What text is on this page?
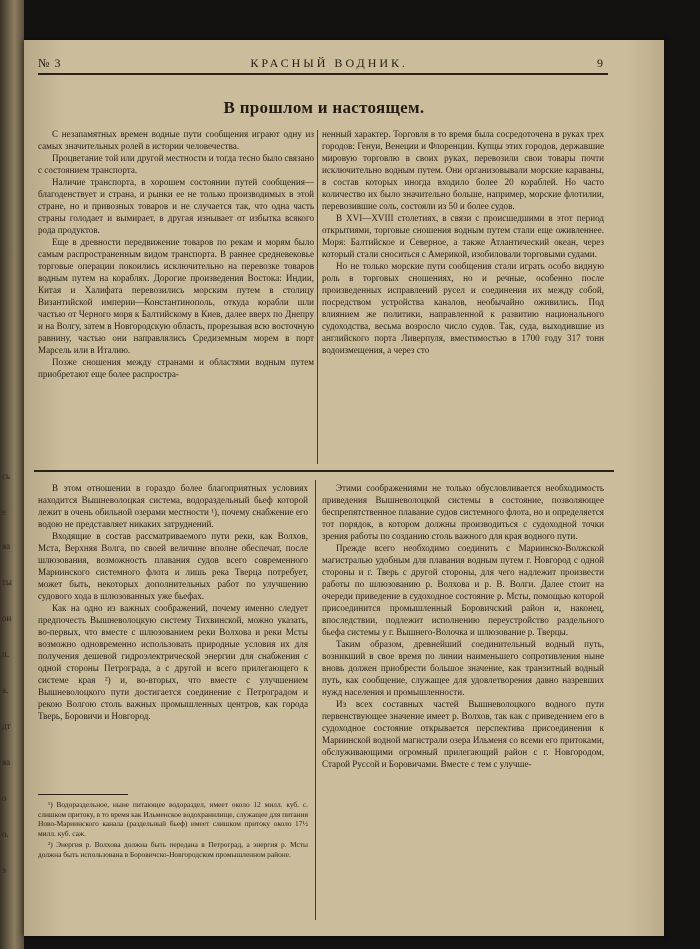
сь
е
ва
ты
ои
п.
а.
дт
ва
о
о.
э
№ 3	КРАСНЫЙ ВОДНИК.	9
В прошлом и настоящем.

С незапамятных времен водные пути сообщения играют одну из самых значительных ролей в истории человечества.

Процветание той или другой местности и тогда тесно было связано с состоянием транспорта.

Наличие транспорта, в хорошем состоянии путей сообщения—благоденствует и страна, и рынки ее не только производимых в этой стране, но и привозных товаров и не случается так, что одна часть страны голодает и вымирает, в другая изнывает от избытка всякого рода продуктов.

Еще в древности передвижение товаров по рекам и морям было самым распространенным видом транспорта. В раннее средневековье торговые операции покоились исключительно на перевозке товаров водным путем на кораблях. Дорогие произведения Востока: Индии, Китая и Халифата перевозились морским путем в столицу Византийской империи—Константинополь, откуда корабли шли частью от Черного моря к Балтийскому в Киев, далее вверх по Днепру и на Волгу, затем в Новгородскую область, прорезывая всю восточную равнину, частью они направлялись Средиземным морем в порт Марсель или в Италию.

Позже сношения между странами и областями водным путем приобретают еще более распростра-

ненный характер. Торговля в то время была сосредоточена в руках трех городов: Генуи, Венеции и Флоренции. Купцы этих городов, державшие мировую торговлю в своих руках, перевозили свои товары почти исключительно водным путем. Они организовывали морские караваны, в состав которых иногда входило более 20 кораблей. Но часто количество их было значительно больше, например, морские флотилии, перевозившие соль, состояли из 50 и более судов.

В XVI—XVIII столетиях, в связи с происшедшими в этот период открытиями, торговые сношения водным путем стали еще оживленнее. Моря: Балтийское и Северное, а также Атлантический океан, через который стали сноситься с Америкой, изобиловали торговыми судами.

Но не только морские пути сообщения стали играть особо видную роль в торговых сношениях, но и речные, особенно после произведенных исправлений русел и соединения их между собой, посредством устройства каналов, необычайно оживились. Под влиянием же политики, направленной к развитию национального судоходства, весьма возросло число судов. Так, суда, выходившие из английского порта Ливерпуля, вместимостью в 1700 году 317 тонн водоизмещения, а через сто

В этом отношении в гораздо более благоприятных условиях находится Вышневолоцкая система, водораздельный бьеф которой лежит в очень обильной озерами местности ¹), почему снабжение его водою не представляет никаких затруднений.

Входящие в состав рассматриваемого пути реки, как Волхов, Мста, Верхняя Волга, по своей величине вполне обеспечат, после шлюзования, возможность плавания судов всего современного Мариинского системного флота и лишь река Тверца потребует, может быть, некоторых дополнительных работ по улучшению судового хода в шлюзованных уже бьефах.

Как на одно из важных соображений, почему именно следует предпочесть Вышневолоцкую систему Тихвинской, можно указать, во-первых, что вместе с шлюзованием реки Волхова и реки Мсты возможно одновременно использовать природные условия их для получения дешевой гидроэлектрической энергии для снабжения с одной стороны Петрограда, а с другой и всего прилегающего к системе края ²) и, во-вторых, что вместе с улучшением Вышневолоцкого пути достигается соединение с Петроградом и рекою Волгою столь важных промышленных центров, как города Тверь, Боровичи и Новгород.

Этими соображениями не только обусловливается необходимость приведения Вышневолоцкой системы в состояние, позволяющее беспрепятственное плавание судов системного флота, но и определяется тот порядок, в котором должны производиться с судоходной точки зрения работы по созданию столь важного для края водного пути.

Прежде всего необходимо соединить с Мариинско-Волжской магистралью удобным для плавания водным путем г. Новгород с одной стороны и г. Тверь с другой стороны, для чего надлежит произвести работы по шлюзованию р. Волхова и р. В. Волги. Далее стоит на очереди приведение в судоходное состояние р. Мсты, помощью которой присоединится промышленный Боровичский район и, наконец, впоследствии, подлежит исполнению переустройство раздельного бьефа системы у г. Вышнего-Волочка и шлюзование р. Тверцы.

Таким образом, древнейший соединительный водный путь, возникший в свое время по линии наименьшего сопротивления ныне вновь должен приобрести большое значение, как транзитный водный путь, как сообщение, служащее для удовлетворения давно назревших нужд населения и промышленности.

Из всех составных частей Вышневолоцкого водного пути первенствующее значение имеет р. Волхов, так как с приведением его в судоходное состояние открывается перспектива присоединения к Мариинской водной магистрали озера Ильменя со всеми его притоками, обслуживающими огромный прилегающий район с г. Новгородом, Старой Руссой и Боровичами. Вместе с тем с улучше-

¹) Водораздельное, ныне питающее водораздел, имеет около 12 милл. куб. с. слишком притоку, в то время как Ильменское водохранилище, служащее для питания Ново-Мариинского канала (раздельный бьеф) имеет слишком притоку около 17½ милл. куб. саж.

²) Энергия р. Волхова должна быть передана в Петроград, а энергия р. Мсты должна быть использована в Боровичско-Новгородском промышленном районе.
